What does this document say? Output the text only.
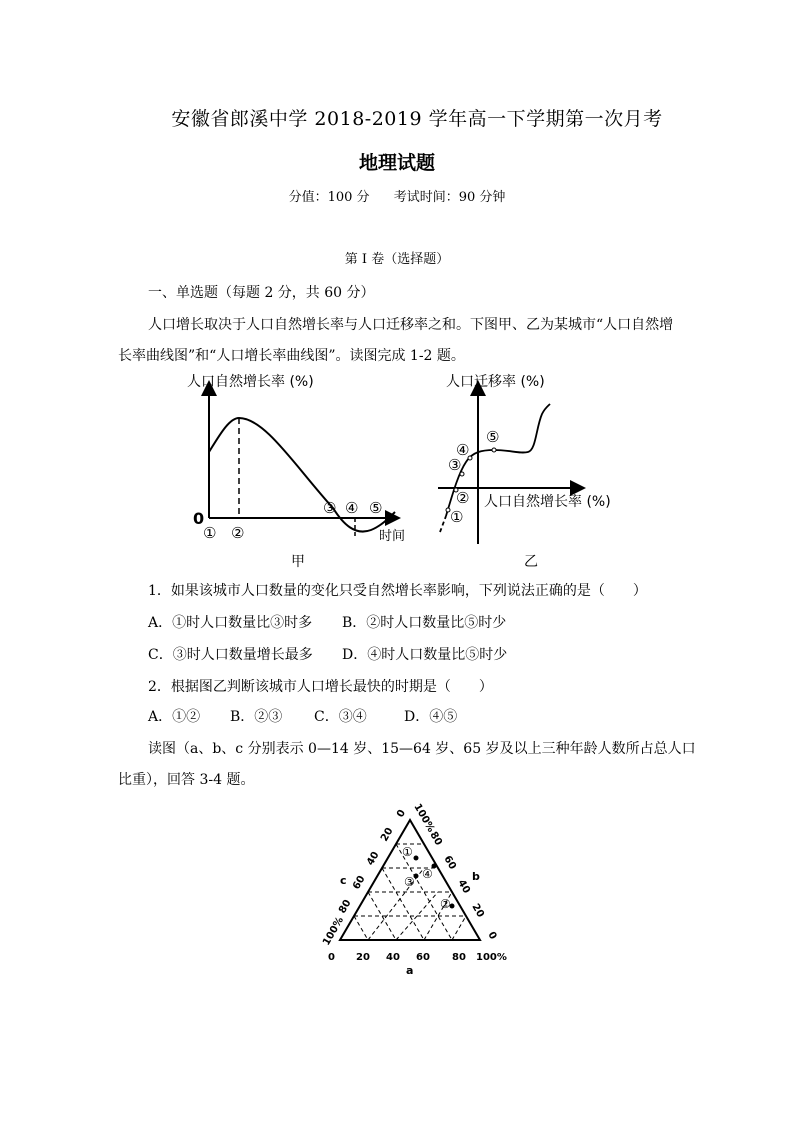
安徽省郎溪中学 2018-2019 学年高一下学期第一次月考
地理试题
分值：100 分 考试时间：90 分钟
第 I 卷（选择题）
一、单选题（每题 2 分，共 60 分）
人口增长取决于人口自然增长率与人口迁移率之和。下图甲、乙为某城市“人口自然增
长率曲线图”和“人口增长率曲线图”。读图完成 1-2 题。
人口自然增长率 (%)
0
时间
① ②
③ ④ ⑤
甲
人口迁移率 (%)
人口自然增长率 (%)
①
②
③
④
⑤
乙
1．如果该城市人口数量的变化只受自然增长率影响，下列说法正确的是（　　）
A．①时人口数量比③时多 B．②时人口数量比⑤时少
C．③时人口数量增长最多 D．④时人口数量比⑤时少
2．根据图乙判断该城市人口增长最快的时期是（　　）
A．①② B．②③ C．③④	D．④⑤
读图（a、b、c 分别表示 0—14 岁、15—64 岁、65 岁及以上三种年龄人数所占总人口
比重），回答 3-4 题。
①
②
③
④
0 20 40 60 80 100%
a
c	b
0
20
40
60
80
100%
100%
80
60
40
20
0
